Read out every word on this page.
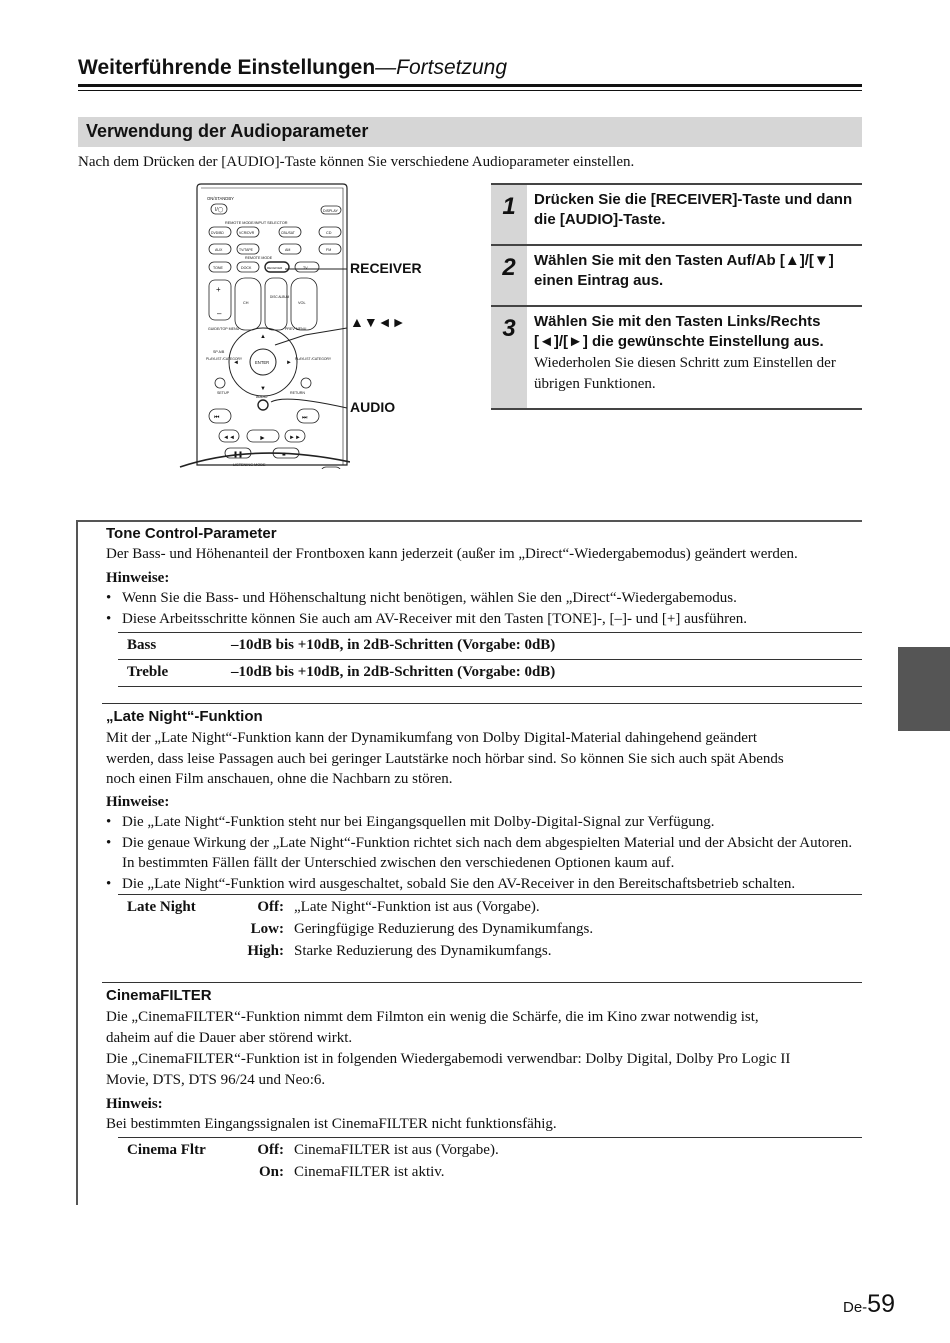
Weiterführende Einstellungen—Fortsetzung
Verwendung der Audioparameter
Nach dem Drücken der [AUDIO]-Taste können Sie verschiedene Audioparameter einstellen.
ON/STANDBY
I/◯	DISPLAY
REMOTE MODE/INPUT SELECTOR
DVD/BD	VCR/DVR	CBL/SAT	CD
AUX	TV/TAPE	AM	FM
REMOTE MODE
TONE	DOCK	RECEIVER	TV
+
–
CH
DISC ALBUM
VOL
GUIDE/TOP MENU	PREV MENU
SP A/B
ENTER
▲
▼
◄	►
PLAYLIST /CATEGORY	PLAYLIST /CATEGORY
SETUP
AUDIO
RETURN
⏮	⏭
◄◄	►	►►
❚❚	■
LISTENING MODE
RECEIVER
▲▼◄►
AUDIO
1	Drücken Sie die [RECEIVER]-Taste und dann die [AUDIO]-Taste.
2	Wählen Sie mit den Tasten Auf/Ab [▲]/[▼] einen Eintrag aus.
3	Wählen Sie mit den Tasten Links/Rechts [◄]/[►] die gewünschte Einstellung aus.
Wiederholen Sie diesen Schritt zum Einstellen der übrigen Funktionen.
Tone Control-Parameter
Der Bass- und Höhenanteil der Frontboxen kann jederzeit (außer im „Direct“-Wiedergabemodus) geändert werden.
Hinweise:
• Wenn Sie die Bass- und Höhenschaltung nicht benötigen, wählen Sie den „Direct“-Wiedergabemodus.
• Diese Arbeitsschritte können Sie auch am AV-Receiver mit den Tasten [TONE]-, [–]- und [+] ausführen.
Bass	–10dB bis +10dB, in 2dB-Schritten (Vorgabe: 0dB)
Treble	–10dB bis +10dB, in 2dB-Schritten (Vorgabe: 0dB)
„Late Night“-Funktion
Mit der „Late Night“-Funktion kann der Dynamikumfang von Dolby Digital-Material dahingehend geändert
werden, dass leise Passagen auch bei geringer Lautstärke noch hörbar sind. So können Sie sich auch spät Abends
noch einen Film anschauen, ohne die Nachbarn zu stören.
Hinweise:
• Die „Late Night“-Funktion steht nur bei Eingangsquellen mit Dolby-Digital-Signal zur Verfügung.
• Die genaue Wirkung der „Late Night“-Funktion richtet sich nach dem abgespielten Material und der Absicht der Autoren. In bestimmten Fällen fällt der Unterschied zwischen den verschiedenen Optionen kaum auf.
• Die „Late Night“-Funktion wird ausgeschaltet, sobald Sie den AV-Receiver in den Bereitschaftsbetrieb schalten.
Late Night	Off: „Late Night“-Funktion ist aus (Vorgabe).
Low: Geringfügige Reduzierung des Dynamikumfangs.
High: Starke Reduzierung des Dynamikumfangs.
CinemaFILTER
Die „CinemaFILTER“-Funktion nimmt dem Filmton ein wenig die Schärfe, die im Kino zwar notwendig ist,
daheim auf die Dauer aber störend wirkt.
Die „CinemaFILTER“-Funktion ist in folgenden Wiedergabemodi verwendbar: Dolby Digital, Dolby Pro Logic II
Movie, DTS, DTS 96/24 und Neo:6.
Hinweis:
Bei bestimmten Eingangssignalen ist CinemaFILTER nicht funktionsfähig.
Cinema Fltr	Off: CinemaFILTER ist aus (Vorgabe).
On: CinemaFILTER ist aktiv.
De-59
